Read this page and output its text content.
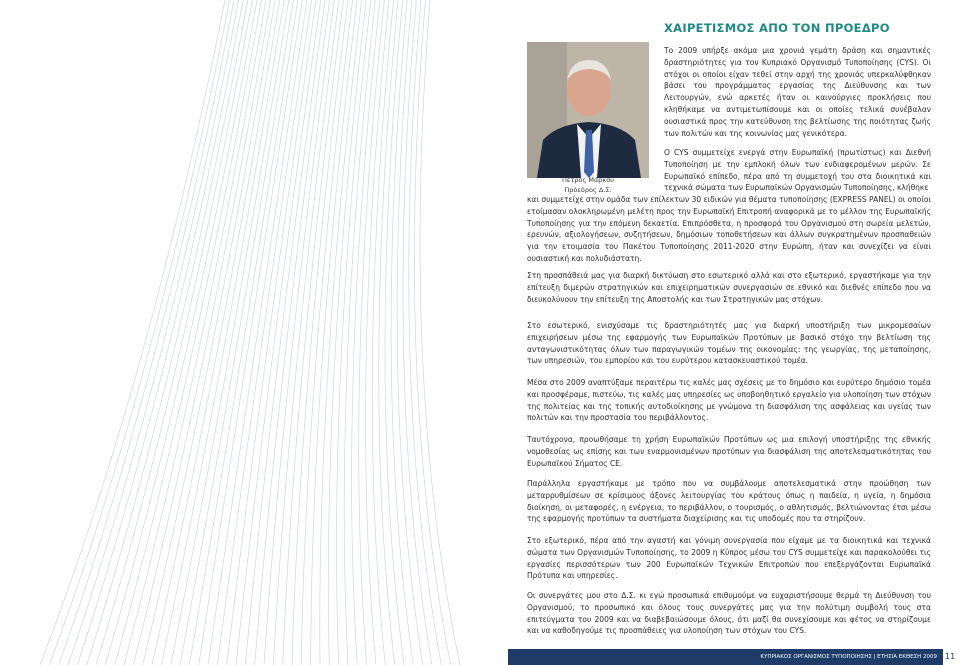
ΧΑΙΡΕΤΙΣΜΟΣ ΑΠΟ ΤΟΝ ΠΡΟΕΔΡΟ
Πέτρος Μάρκου
Πρόεδρος Δ.Σ.

Το 2009 υπήρξε ακόμα μια χρονιά γεμάτη δράση και σημαντικές δραστηριότητες για τον Κυπριακό Οργανισμό Τυποποίησης (CYS). Οι στόχοι οι οποίοι είχαν τεθεί στην αρχή της χρονιάς υπερκαλύφθηκαν βάσει του προγράμματος εργασίας της Διεύθυνσης και των Λειτουργών, ενώ αρκετές ήταν οι καινούργιες προκλήσεις που κληθήκαμε να αντιμετωπίσουμε και οι οποίες τελικά συνέβαλαν ουσιαστικά προς την κατεύθυνση της βελτίωσης της ποιότητας ζωής των πολιτών και της κοινωνίας μας γενικότερα.

Ο CYS συμμετείχε ενεργά στην Ευρωπαϊκή (πρωτίστως) και Διεθνή Τυποποίηση με την εμπλοκή όλων των ενδιαφερομένων μερών. Σε Ευρωπαϊκό επίπεδο, πέρα από τη συμμετοχή του στα διοικητικά και τεχνικά σώματα των Ευρωπαϊκών Οργανισμών Τυποποίησης, κλήθηκε

και συμμετείχε στην ομάδα των επίλεκτων 30 ειδικών για θέματα τυποποίησης (EXPRESS PANEL) οι οποίοι ετοίμασαν ολοκληρωμένη μελέτη προς την Ευρωπαϊκή Επιτροπή αναφορικά με το μέλλον της Ευρωπαϊκής Τυποποίησης για την επόμενη δεκαετία. Επιπρόσθετα, η προσφορά του Οργανισμού στη σωρεία μελετών, ερευνών, αξιολογήσεων, συζητήσεων, δημόσιων τοποθετήσεων και άλλων συγκρατημένων προσπαθειών για την ετοιμασία του Πακέτου Τυποποίησης 2011-2020 στην Ευρώπη, ήταν και συνεχίζει να είναι ουσιαστική και πολυδιάστατη.

Στη προσπάθειά μας για διαρκή δικτύωση στο εσωτερικό αλλά και στο εξωτερικό, εργαστήκαμε για την επίτευξη διμερών στρατηγικών και επιχειρηματικών συνεργασιών σε εθνικό και διεθνές επίπεδο που να διευκολύνουν την επίτευξη της Αποστολής και των Στρατηγικών μας στόχων.

Στο εσωτερικό, ενισχύσαμε τις δραστηριότητές μας για διαρκή υποστήριξη των μικρομεσαίων επιχειρήσεων μέσω της εφαρμογής των Ευρωπαϊκών Προτύπων με βασικό στόχο την βελτίωση της ανταγωνιστικότητας όλων των παραγωγικών τομέων της οικονομίας: της γεωργίας, της μεταποίησης, των υπηρεσιών, του εμπορίου και του ευρύτερου κατασκευαστικού τομέα.

Μέσα στο 2009 αναπτύξαμε περαιτέρω τις καλές μας σχέσεις με το δημόσιο και ευρύτερο δημόσιο τομέα και προσφέραμε, πιστεύω, τις καλές μας υπηρεσίες ως υποβοηθητικό εργαλείο για υλοποίηση των στόχων της πολιτείας και της τοπικής αυτοδιοίκησης με γνώμονα τη διασφάλιση της ασφάλειας και υγείας των πολιτών και την προστασία του περιβάλλοντος.

Ταυτόχρονα, προωθήσαμε τη χρήση Ευρωπαϊκών Προτύπων ως μια επιλογή υποστήριξης της εθνικής νομοθεσίας ως επίσης και των εναρμονισμένων προτύπων για διασφάλιση της αποτελεσματικότητας του Ευρωπαϊκού Σήματος CE.

Παράλληλα εργαστήκαμε με τρόπο που να συμβάλουμε αποτελεσματικά στην προώθηση των μεταρρυθμίσεων σε κρίσιμους άξονες λειτουργίας του κράτους όπως η παιδεία, η υγεία, η δημόσια διοίκηση, οι μεταφορές, η ενέργεια, το περιβάλλον, ο τουρισμός, ο αθλητισμός, βελτιώνοντας έτσι μέσω της εφαρμογής προτύπων τα συστήματα διαχείρισης και τις υποδομές που τα στηρίζουν.

Στο εξωτερικό, πέρα από την αγαστή και γόνιμη συνεργασία που είχαμε με τα διοικητικά και τεχνικά σώματα των Οργανισμών Τυποποίησης, το 2009 η Κύπρος μέσω του CYS συμμετείχε και παρακολούθει τις εργασίες περισσότερων των 200 Ευρωπαϊκών Τεχνικών Επιτροπών που επεξεργάζονται Ευρωπαϊκά Πρότυπα και υπηρεσίες.

Οι συνεργάτες μου στο Δ.Σ. κι εγώ προσωπικά επιθυμούμε να ευχαριστήσουμε θερμά τη Διεύθυνση του Οργανισμού, το προσωπικό και όλους τους συνεργάτες μας για την πολύτιμη συμβολή τους στα επιτεύγματα του 2009 και να διαβεβαιώσουμε όλους, ότι μαζί θα συνεχίσουμε και φέτος να στηρίζουμε και να καθοδηγούμε τις προσπάθειες για υλοποίηση των στόχων του CYS.

ΚΥΠΡΙΑΚΟΣ ΟΡΓΑΝΙΣΜΟΣ ΤΥΠΟΠΟΙΗΣΗΣ | ΕΤΗΣΙΑ ΕΚΘΕΣΗ 2009	11
